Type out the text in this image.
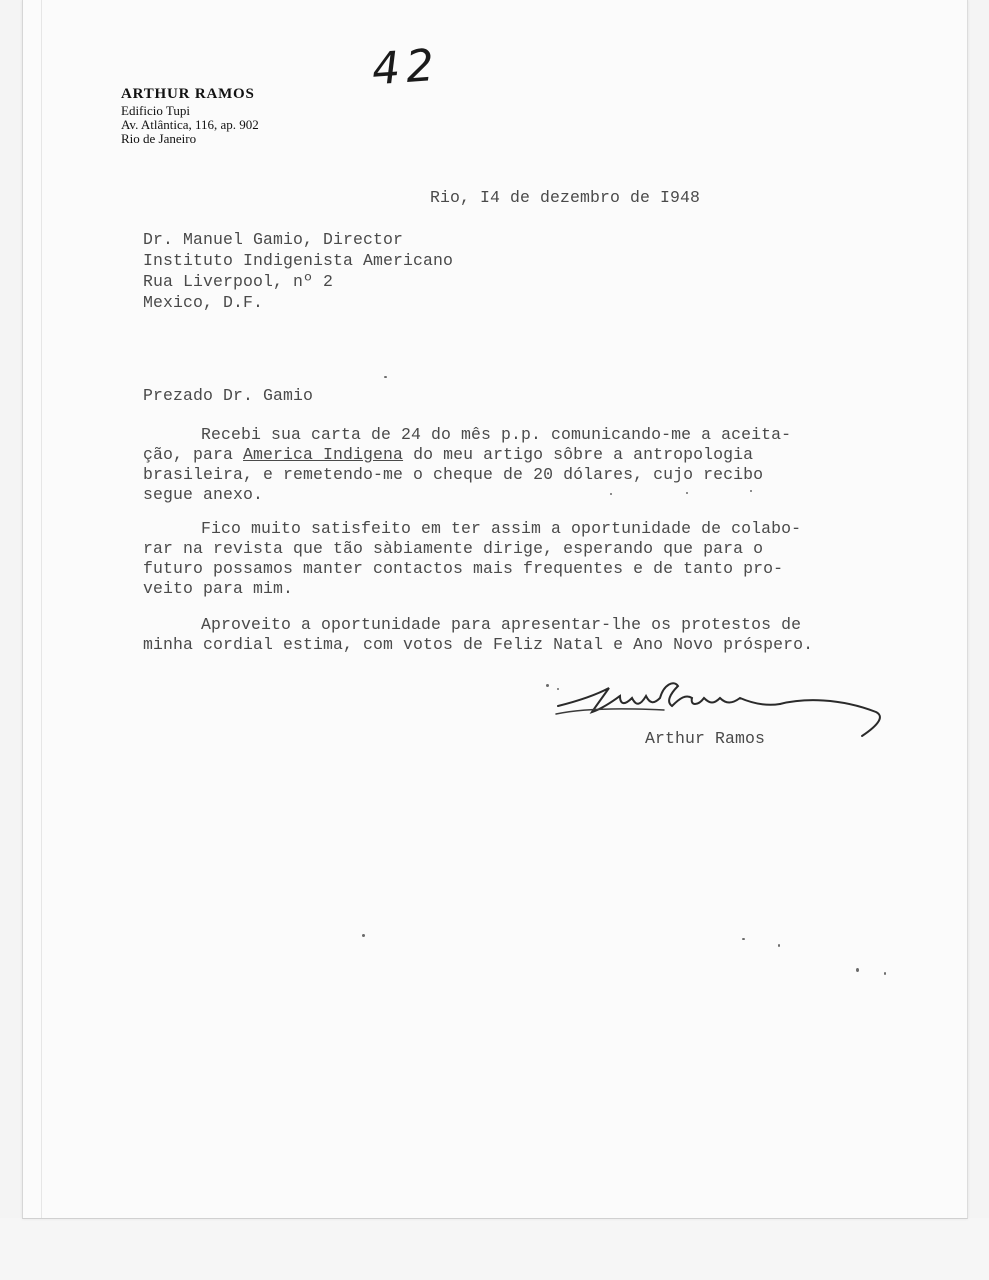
42
ARTHUR RAMOS
Edificio Tupi
Av. Atlântica, 116, ap. 902
Rio de Janeiro
Rio, I4 de dezembro de I948
Dr. Manuel Gamio, Director
Instituto Indigenista Americano
Rua Liverpool, nº 2
Mexico, D.F.
Prezado Dr. Gamio
Recebi sua carta de 24 do mês p.p. comunicando-me a aceita-
ção, para America Indigena do meu artigo sôbre a antropologia
brasileira, e remetendo-me o cheque de 20 dólares, cujo recibo
segue anexo.
Fico muito satisfeito em ter assim a oportunidade de colabo-
rar na revista que tão sàbiamente dirige, esperando que para o
futuro possamos manter contactos mais frequentes e de tanto pro-
veito para mim.
Aproveito a oportunidade para apresentar-lhe os protestos de
minha cordial estima, com votos de Feliz Natal e Ano Novo próspero.
Arthur Ramos
